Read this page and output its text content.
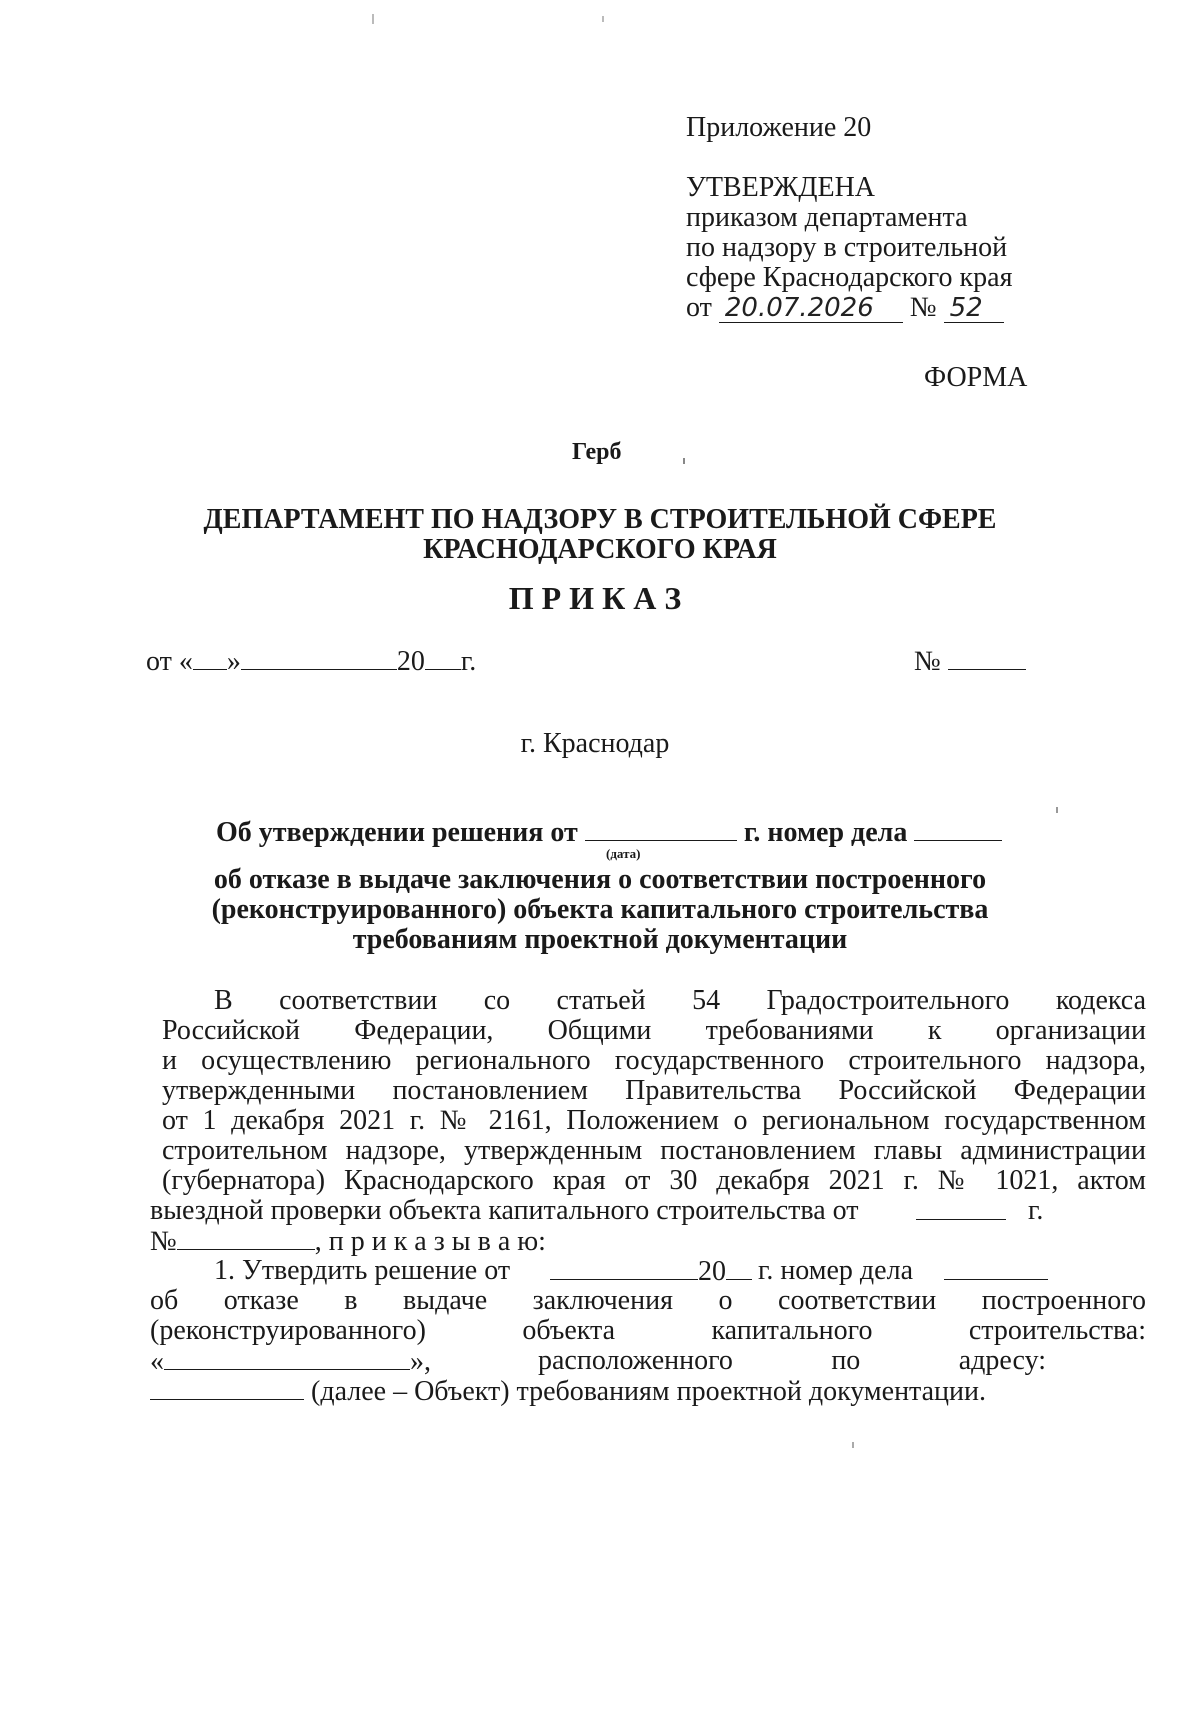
Приложение 20
УТВЕРЖДЕНА
приказом департамента
по надзору в строительной
сфере Краснодарского края
от 20.07.2026 № 52
ФОРМА
Герб
ДЕПАРТАМЕНТ ПО НАДЗОРУ В СТРОИТЕЛЬНОЙ СФЕРЕ
КРАСНОДАРСКОГО КРАЯ
П Р И К А З
от « »	20 г.	№
г. Краснодар
Об утверждении решения от	г. номер дела
(дата)
об отказе в выдаче заключения о соответствии построенного
(реконструированного) объекта капитального строительства
требованиям проектной документации
В соответствии со статьей 54 Градостроительного кодекса
Российской Федерации, Общими требованиями к организации
и осуществлению регионального государственного строительного надзора,
утвержденными постановлением Правительства Российской Федерации
от 1 декабря 2021 г. № 2161, Положением о региональном государственном
строительном надзоре, утвержденным постановлением главы администрации
(губернатора) Краснодарского края от 30 декабря 2021 г. № 1021, актом
выездной проверки объекта капитального строительства от	г.
№	, п р и к а з ы в а ю:
1. Утвердить решение от	20	г. номер дела
об отказе в выдаче заключения о соответствии построенного
(реконструированного) объекта капитального строительства:
«	»,	расположенного по адресу:
(далее – Объект) требованиям проектной документации.
